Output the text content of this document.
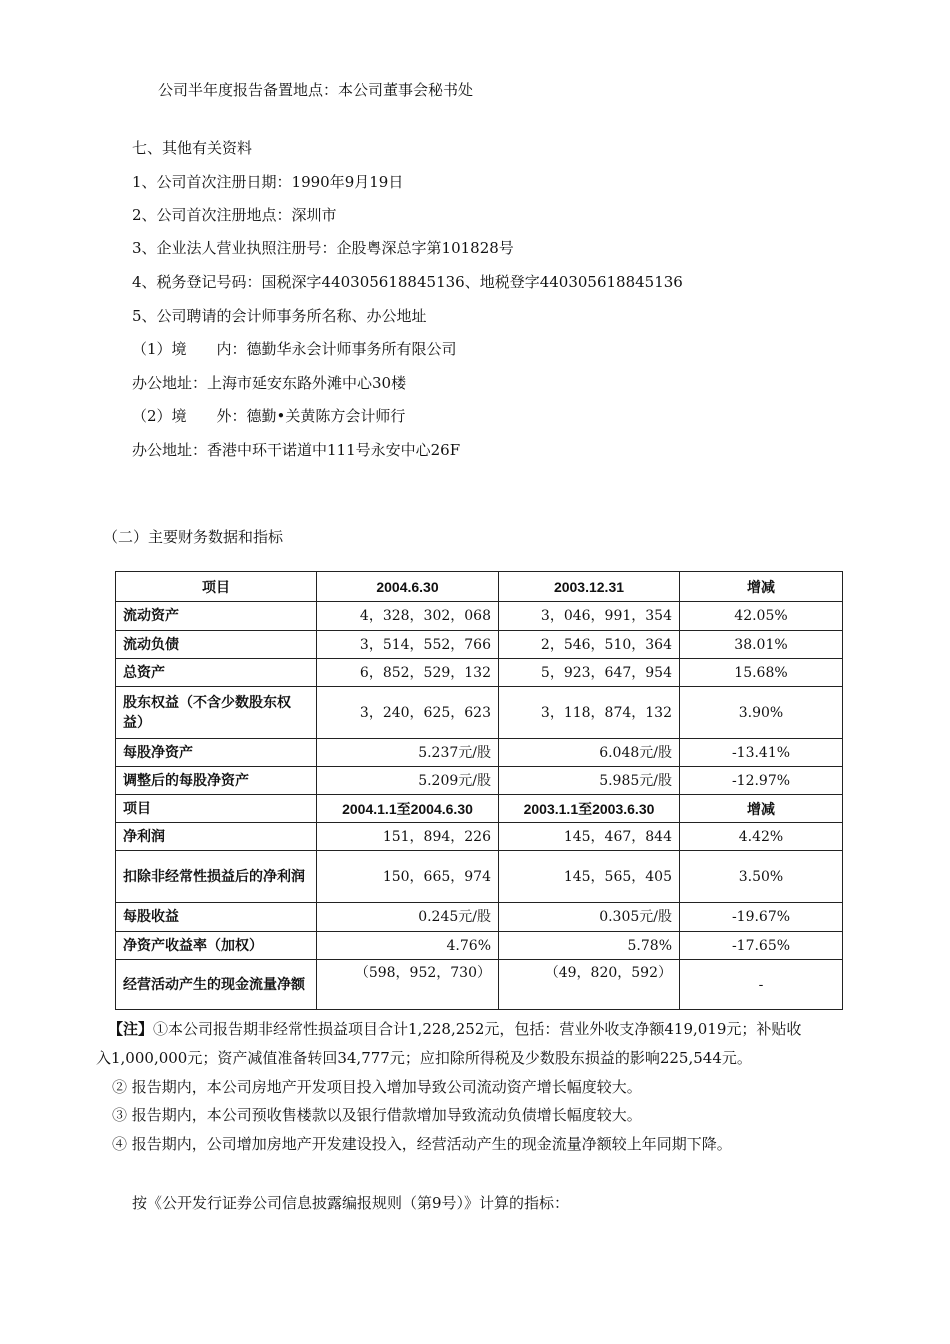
公司半年度报告备置地点：本公司董事会秘书处
七、其他有关资料
1、公司首次注册日期：1990年9月19日
2、公司首次注册地点：深圳市
3、企业法人营业执照注册号：企股粤深总字第101828号
4、税务登记号码：国税深字440305618845136、地税登字440305618845136
5、公司聘请的会计师事务所名称、办公地址
（1）境　　内：德勤华永会计师事务所有限公司
办公地址：上海市延安东路外滩中心30楼
（2）境　　外：德勤•关黄陈方会计师行
办公地址：香港中环干诺道中111号永安中心26F
（二）主要财务数据和指标
项目	2004.6.30	2003.12.31	增减
流动资产	4，328，302，068	3，046，991，354	42.05%
流动负债	3，514，552，766	2，546，510，364	38.01%
总资产	6，852，529，132	5，923，647，954	15.68%
股东权益（不含少数股东权益）	3，240，625，623	3，118，874，132	3.90%
每股净资产	5.237元/股	6.048元/股	-13.41%
调整后的每股净资产	5.209元/股	5.985元/股	-12.97%
项目	2004.1.1至2004.6.30	2003.1.1至2003.6.30	增减
净利润	151，894，226	145，467，844	4.42%
扣除非经常性损益后的净利润	150，665，974	145，565，405	3.50%
每股收益	0.245元/股	0.305元/股	-19.67%
净资产收益率（加权）	4.76%	5.78%	-17.65%
经营活动产生的现金流量净额	（598，952，730）	（49，820，592）	-
【注】①本公司报告期非经常性损益项目合计1,228,252元，包括：营业外收支净额419,019元；补贴收
入1,000,000元；资产减值准备转回34,777元；应扣除所得税及少数股东损益的影响225,544元。
② 报告期内，本公司房地产开发项目投入增加导致公司流动资产增长幅度较大。
③ 报告期内，本公司预收售楼款以及银行借款增加导致流动负债增长幅度较大。
④ 报告期内，公司增加房地产开发建设投入，经营活动产生的现金流量净额较上年同期下降。
按《公开发行证券公司信息披露编报规则（第9号）》计算的指标：
